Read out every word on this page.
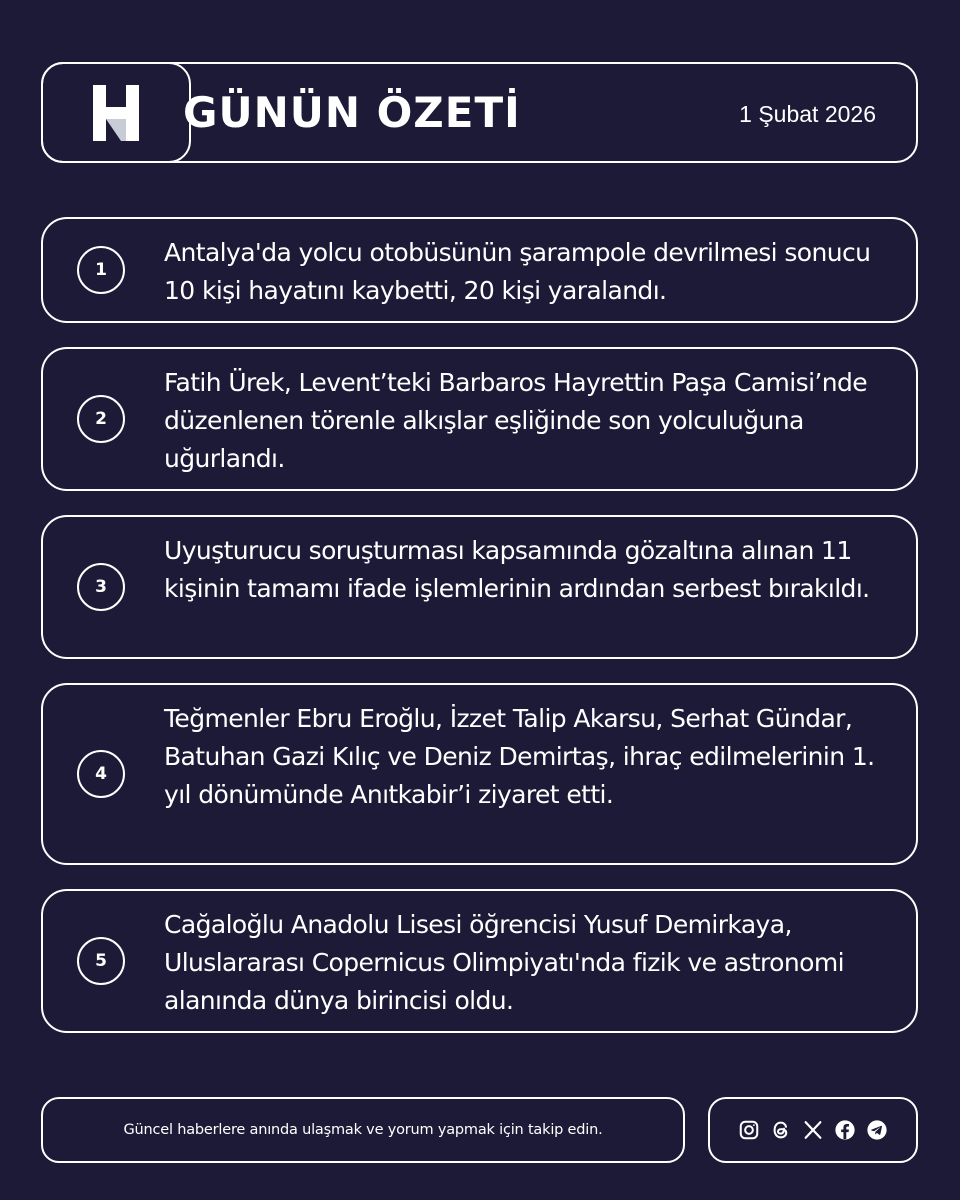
GÜNÜN ÖZETİ	1 Şubat 2026
1
Antalya'da yolcu otobüsünün şarampole devrilmesi sonucu 10 kişi hayatını kaybetti, 20 kişi yaralandı.
2
Fatih Ürek, Levent’teki Barbaros Hayrettin Paşa Camisi’nde düzenlenen törenle alkışlar eşliğinde son yolculuğuna uğurlandı.
3
Uyuşturucu soruşturması kapsamında gözaltına alınan 11 kişinin tamamı ifade işlemlerinin ardından serbest bırakıldı.
4
Teğmenler Ebru Eroğlu, İzzet Talip Akarsu, Serhat Gündar, Batuhan Gazi Kılıç ve Deniz Demirtaş, ihraç edilmelerinin 1. yıl dönümünde Anıtkabir’i ziyaret etti.
5
Cağaloğlu Anadolu Lisesi öğrencisi Yusuf Demirkaya, Uluslararası Copernicus Olimpiyatı'nda fizik ve astronomi alanında dünya birincisi oldu.
Güncel haberlere anında ulaşmak ve yorum yapmak için takip edin.
